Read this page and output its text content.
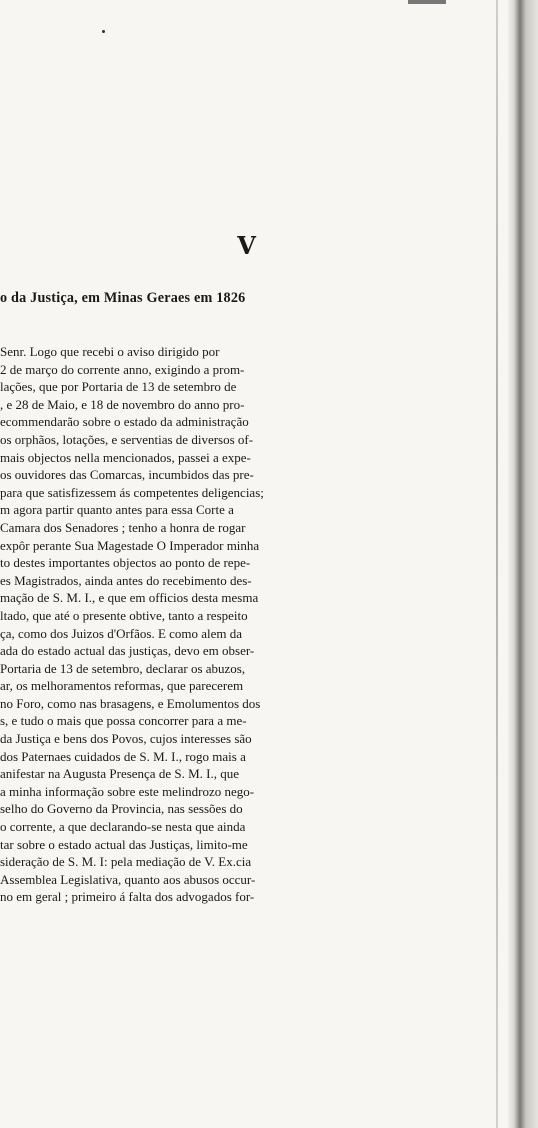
V
o da Justiça, em Minas Geraes em 1826
Senr. Logo que recebi o aviso dirigido por
2 de março do corrente anno, exigindo a prom-
lações, que por Portaria de 13 de setembro de
, e 28 de Maio, e 18 de novembro do anno pro-
ecommendarão sobre o estado da administração
os orphãos, lotações, e serventias de diversos of-
mais objectos nella mencionados, passei a expe-
os ouvidores das Comarcas, incumbidos das pre-
para que satisfizessem ás competentes deligencias;
m agora partir quanto antes para essa Corte a
Camara dos Senadores ; tenho a honra de rogar
expôr perante Sua Magestade O Imperador minha
to destes importantes objectos ao ponto de repe-
es Magistrados, ainda antes do recebimento des-
mação de S. M. I., e que em officios desta mesma
ltado, que até o presente obtive, tanto a respeito
ça, como dos Juizos d'Orfãos. E como alem da
ada do estado actual das justiças, devo em obser-
Portaria de 13 de setembro, declarar os abuzos,
ar, os melhoramentos reformas, que parecerem
no Foro, como nas brasagens, e Emolumentos dos
s, e tudo o mais que possa concorrer para a me-
da Justiça e bens dos Povos, cujos interesses são
dos Paternaes cuidados de S. M. I., rogo mais a
anifestar na Augusta Presença de S. M. I., que
a minha informação sobre este melindrozo nego-
selho do Governo da Provincia, nas sessões do
o corrente, a que declarando-se nesta que ainda
tar sobre o estado actual das Justiças, limito-me
sideração de S. M. I: pela mediação de V. Ex.cia
Assemblea Legislativa, quanto aos abusos occur-
no em geral ; primeiro á falta dos advogados for-
